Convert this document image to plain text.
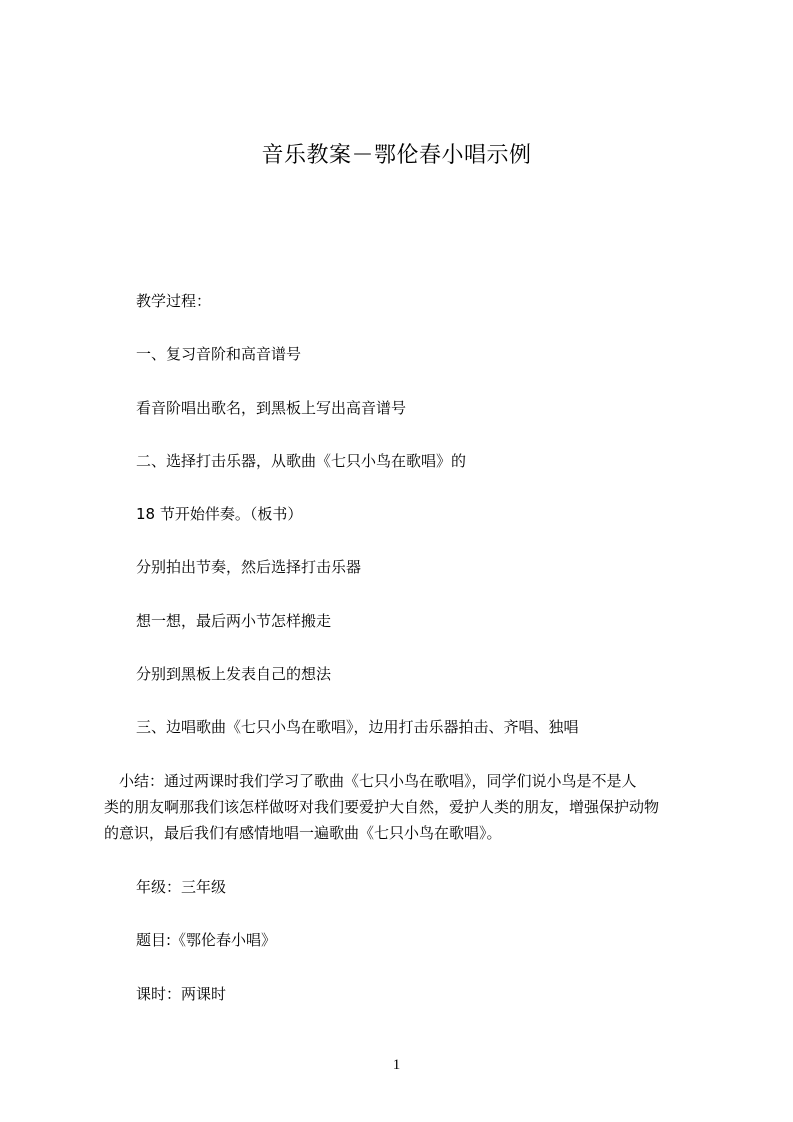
音乐教案－鄂伦春小唱示例
教学过程：
一、复习音阶和高音谱号
看音阶唱出歌名，到黑板上写出高音谱号
二、选择打击乐器，从歌曲《七只小鸟在歌唱》的
18 节开始伴奏。（板书）
分别拍出节奏，然后选择打击乐器
想一想，最后两小节怎样搬走
分别到黑板上发表自己的想法
三、边唱歌曲《七只小鸟在歌唱》，边用打击乐器拍击、齐唱、独唱

　小结：通过两课时我们学习了歌曲《七只小鸟在歌唱》，同学们说小鸟是不是人

类的朋友啊那我们该怎样做呀对我们要爱护大自然，爱护人类的朋友，增强保护动物

的意识，最后我们有感情地唱一遍歌曲《七只小鸟在歌唱》。

年级：三年级
题目:《鄂伦春小唱》
课时：两课时
1
